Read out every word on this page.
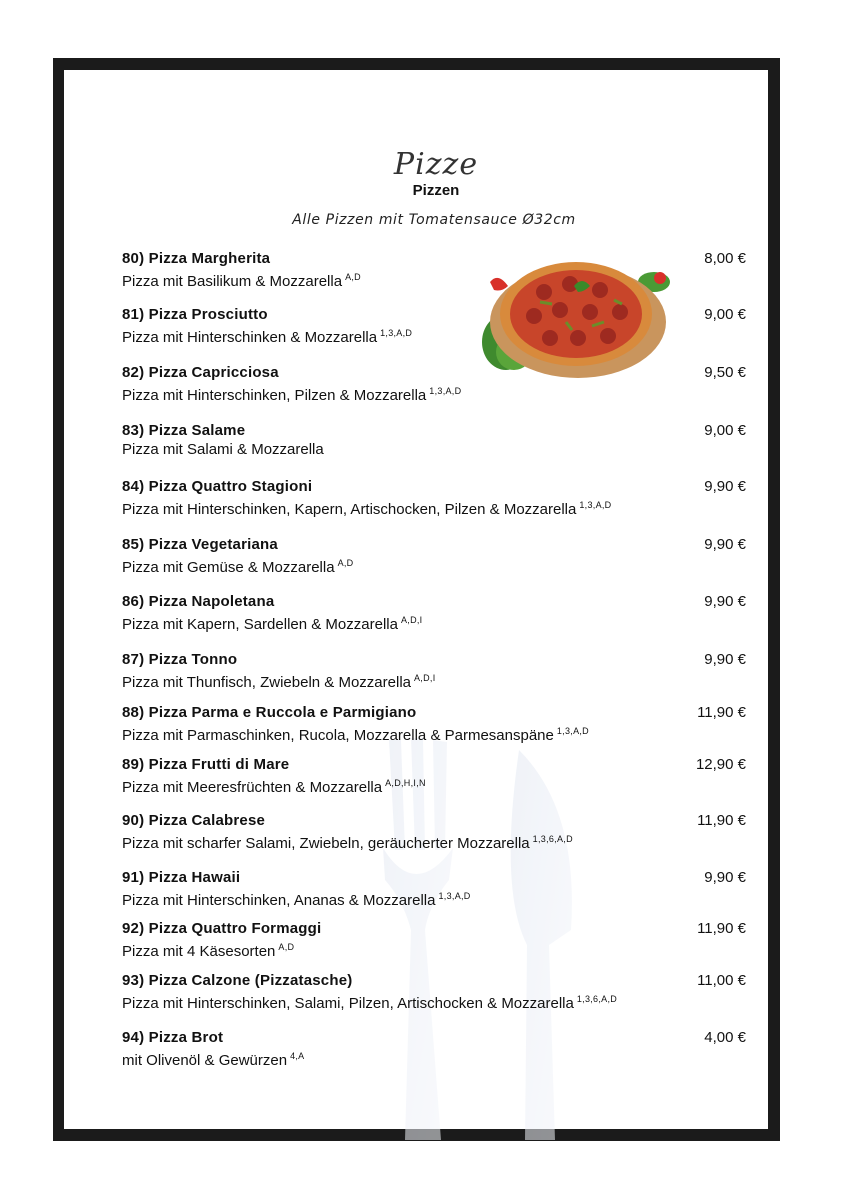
Pizze
Pizzen
Alle Pizzen mit Tomatensauce Ø32cm
80) Pizza Margherita
Pizza mit Basilikum & Mozzarella $^{A,D}$
8,00 €
81) Pizza Prosciutto
Pizza mit Hinterschinken & Mozzarella $^{1,3,A,D}$
9,00 €
82) Pizza Capricciosa
Pizza mit Hinterschinken, Pilzen & Mozzarella $^{1,3,A,D}$
9,50 €
83) Pizza Salame
Pizza mit Salami & Mozzarella
9,00 €
84) Pizza Quattro Stagioni
Pizza mit Hinterschinken, Kapern, Artischocken, Pilzen & Mozzarella $^{1,3,A,D}$
9,90 €
85) Pizza Vegetariana
Pizza mit Gemüse & Mozzarella $^{A,D}$
9,90 €
86) Pizza Napoletana
Pizza mit Kapern, Sardellen & Mozzarella $^{A,D,I}$
9,90 €
87) Pizza Tonno
Pizza mit Thunfisch, Zwiebeln & Mozzarella $^{A,D,I}$
9,90 €
88) Pizza Parma e Ruccola e Parmigiano
Pizza mit Parmaschinken, Rucola, Mozzarella & Parmesanspäne $^{1,3,A,D}$
11,90 €
89) Pizza Frutti di Mare
Pizza mit Meeresfrüchten & Mozzarella $^{A,D,H,I,N}$
12,90 €
90) Pizza Calabrese
Pizza mit scharfer Salami, Zwiebeln, geräucherter Mozzarella $^{1,3,6,A,D}$
11,90 €
91) Pizza Hawaii
Pizza mit Hinterschinken, Ananas & Mozzarella $^{1,3,A,D}$
9,90 €
92) Pizza Quattro Formaggi
Pizza mit 4 Käsesorten $^{A,D}$
11,90 €
93) Pizza Calzone (Pizzatasche)
Pizza mit Hinterschinken, Salami, Pilzen, Artischocken & Mozzarella $^{1,3,6,A,D}$
11,00 €
94) Pizza Brot
mit Olivenöl & Gewürzen $^{4,A}$
4,00 €
